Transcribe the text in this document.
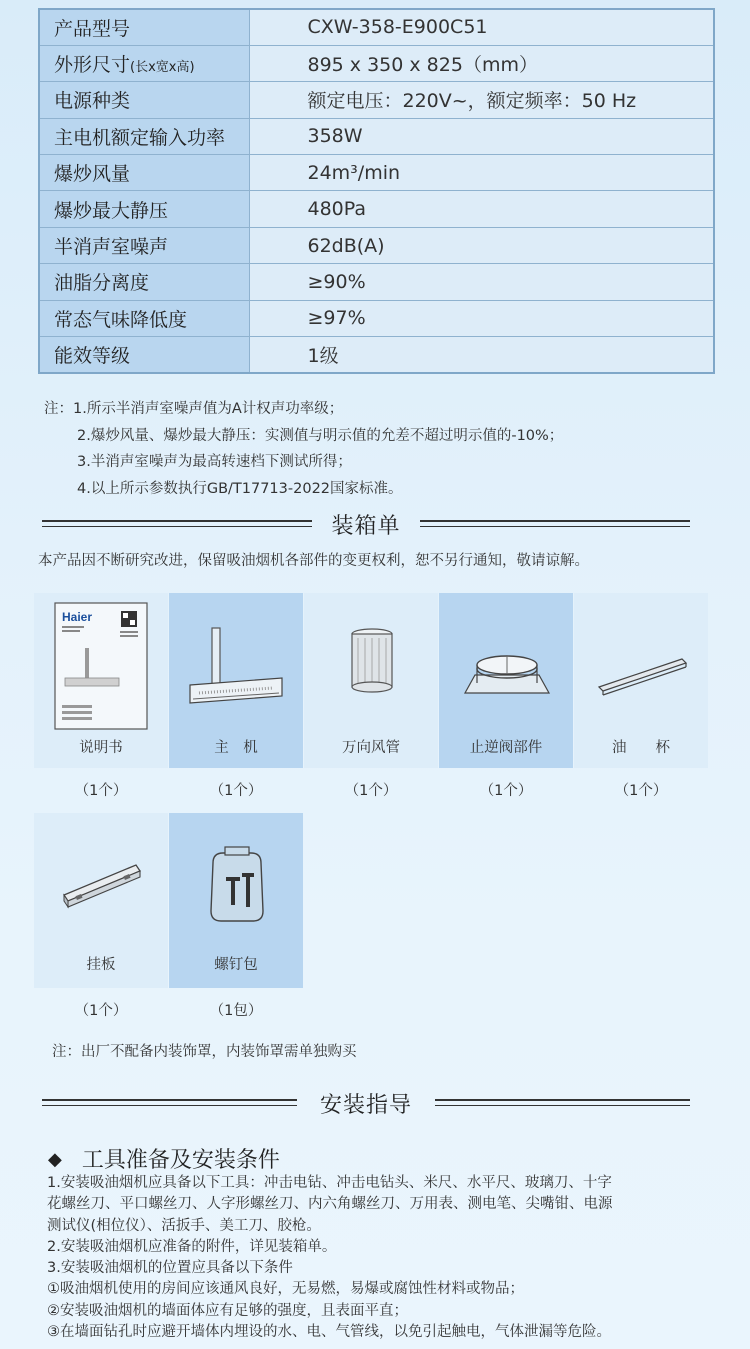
产品型号	CXW-358-E900C51
外形尺寸(长x宽x高)	895 x 350 x 825（mm）
电源种类	额定电压：220V~，额定频率：50 Hz
主电机额定输入功率	358W
爆炒风量	24m³/min
爆炒最大静压	480Pa
半消声室噪声	62dB(A)
油脂分离度	≥90%
常态气味降低度	≥97%
能效等级	1级
注：1.所示半消声室噪声值为A计权声功率级；
2.爆炒风量、爆炒最大静压：实测值与明示值的允差不超过明示值的-10%；
3.半消声室噪声为最高转速档下测试所得；
4.以上所示参数执行GB/T17713-2022国家标准。
装箱单
本产品因不断研究改进，保留吸油烟机各部件的变更权利，恕不另行通知，敬请谅解。
Haier
说明书	主　机	万向风管	止逆阀部件	油　　杯
（1个）	（1个）	（1个）	（1个）	（1个）
挂板	螺钉包
（1个）	（1包）
注：出厂不配备内装饰罩，内装饰罩需单独购买
安装指导
◆ 工具准备及安装条件
1.安装吸油烟机应具备以下工具：冲击电钻、冲击电钻头、米尺、水平尺、玻璃刀、十字
花螺丝刀、平口螺丝刀、人字形螺丝刀、内六角螺丝刀、万用表、测电笔、尖嘴钳、电源
测试仪(相位仪）、活扳手、美工刀、胶枪。
2.安装吸油烟机应准备的附件，详见装箱单。
3.安装吸油烟机的位置应具备以下条件
①吸油烟机使用的房间应该通风良好，无易燃，易爆或腐蚀性材料或物品；
②安装吸油烟机的墙面体应有足够的强度，且表面平直；
③在墙面钻孔时应避开墙体内埋设的水、电、气管线，以免引起触电，气体泄漏等危险。
